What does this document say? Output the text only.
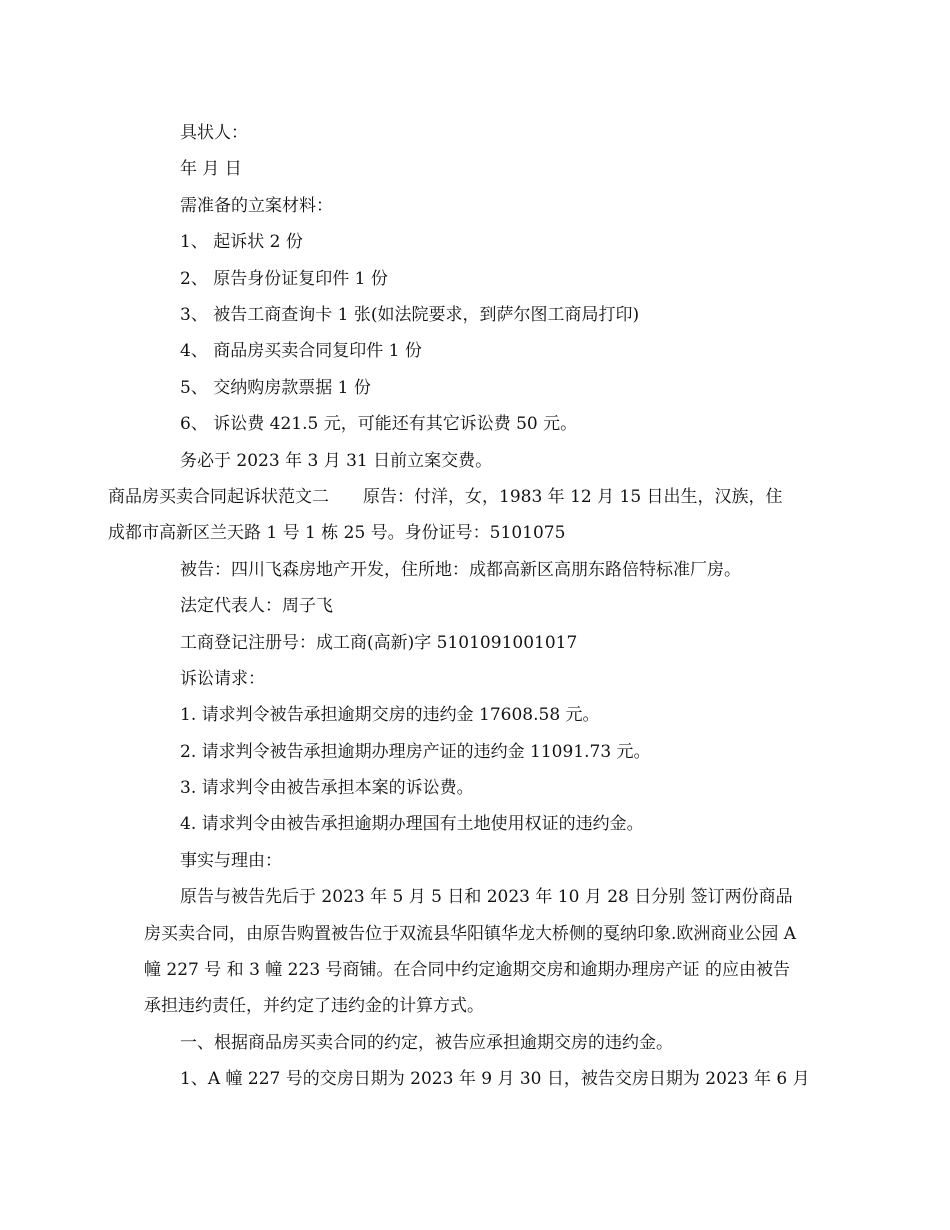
具状人：
年 月 日
需准备的立案材料：
1、 起诉状 2 份
2、 原告身份证复印件 1 份
3、 被告工商查询卡 1 张(如法院要求，到萨尔图工商局打印)
4、 商品房买卖合同复印件 1 份
5、 交纳购房款票据 1 份
6、 诉讼费 421.5 元，可能还有其它诉讼费 50 元。
务必于 2023 年 3 月 31 日前立案交费。
商品房买卖合同起诉状范文二　　原告：付洋，女，1983 年 12 月 15 日出生，汉族，住成都市高新区兰天路 1 号 1 栋 25 号。身份证号：5101075
被告：四川飞森房地产开发，住所地：成都高新区高朋东路倍特标准厂房。
法定代表人：周子飞
工商登记注册号：成工商(高新)字 5101091001017
诉讼请求：
1. 请求判令被告承担逾期交房的违约金 17608.58 元。
2. 请求判令被告承担逾期办理房产证的违约金 11091.73 元。
3. 请求判令由被告承担本案的诉讼费。
4. 请求判令由被告承担逾期办理国有土地使用权证的违约金。
事实与理由：
原告与被告先后于 2023 年 5 月 5 日和 2023 年 10 月 28 日分别 签订两份商品房买卖合同，由原告购置被告位于双流县华阳镇华龙大桥侧的戛纳印象.欧洲商业公园 A 幢 227 号 和 3 幢 223 号商铺。在合同中约定逾期交房和逾期办理房产证 的应由被告承担违约责任，并约定了违约金的计算方式。
一、根据商品房买卖合同的约定，被告应承担逾期交房的违约金。
1、A 幢 227 号的交房日期为 2023 年 9 月 30 日，被告交房日期为 2023 年 6 月
